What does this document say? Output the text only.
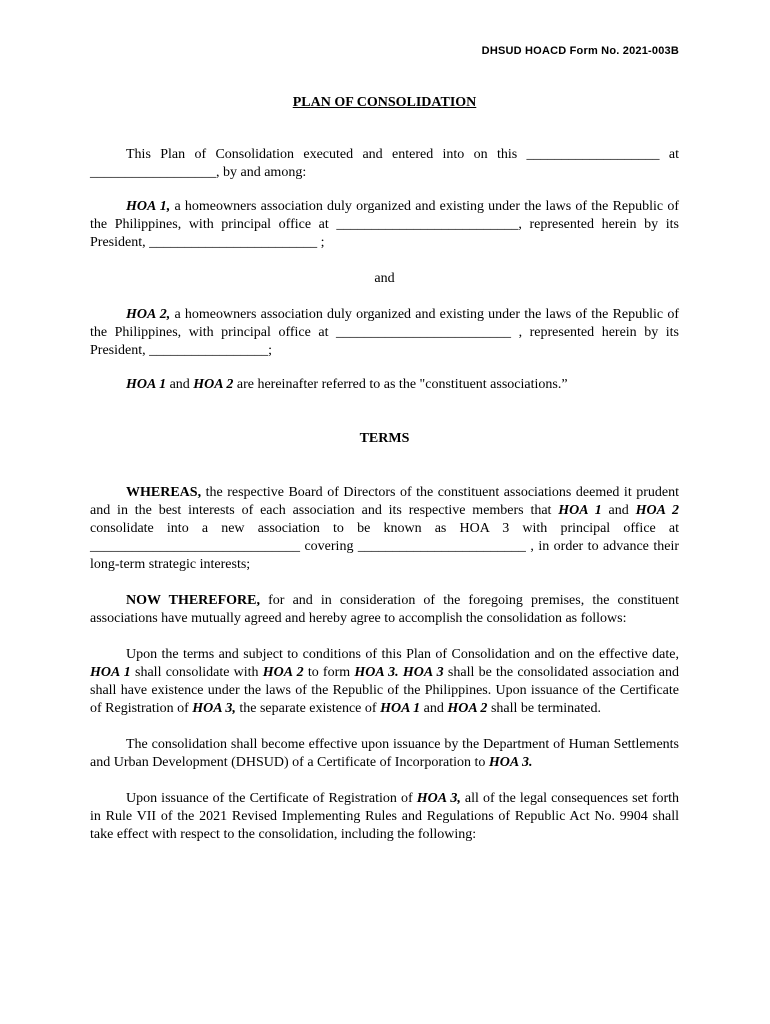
DHSUD HOACD Form No. 2021-003B

PLAN OF CONSOLIDATION

This Plan of Consolidation executed and entered into on this ___________________ at __________________, by and among:

HOA 1, a homeowners association duly organized and existing under the laws of the Republic of the Philippines, with principal office at __________________________, represented herein by its President, ________________________ ;

and

HOA 2, a homeowners association duly organized and existing under the laws of the Republic of the Philippines, with principal office at _________________________ , represented herein by its President, _________________;

HOA 1 and HOA 2 are hereinafter referred to as the "constituent associations.”

TERMS

WHEREAS, the respective Board of Directors of the constituent associations deemed it prudent and in the best interests of each association and its respective members that HOA 1 and HOA 2 consolidate into a new association to be known as HOA 3 with principal office at ______________________________ covering ________________________ , in order to advance their long-term strategic interests;

NOW THEREFORE, for and in consideration of the foregoing premises, the constituent associations have mutually agreed and hereby agree to accomplish the consolidation as follows:

Upon the terms and subject to conditions of this Plan of Consolidation and on the effective date, HOA 1 shall consolidate with HOA 2 to form HOA 3. HOA 3 shall be the consolidated association and shall have existence under the laws of the Republic of the Philippines. Upon issuance of the Certificate of Registration of HOA 3, the separate existence of HOA 1 and HOA 2 shall be terminated.

The consolidation shall become effective upon issuance by the Department of Human Settlements and Urban Development (DHSUD) of a Certificate of Incorporation to HOA 3.

Upon issuance of the Certificate of Registration of HOA 3, all of the legal consequences set forth in Rule VII of the 2021 Revised Implementing Rules and Regulations of Republic Act No. 9904 shall take effect with respect to the consolidation, including the following:
